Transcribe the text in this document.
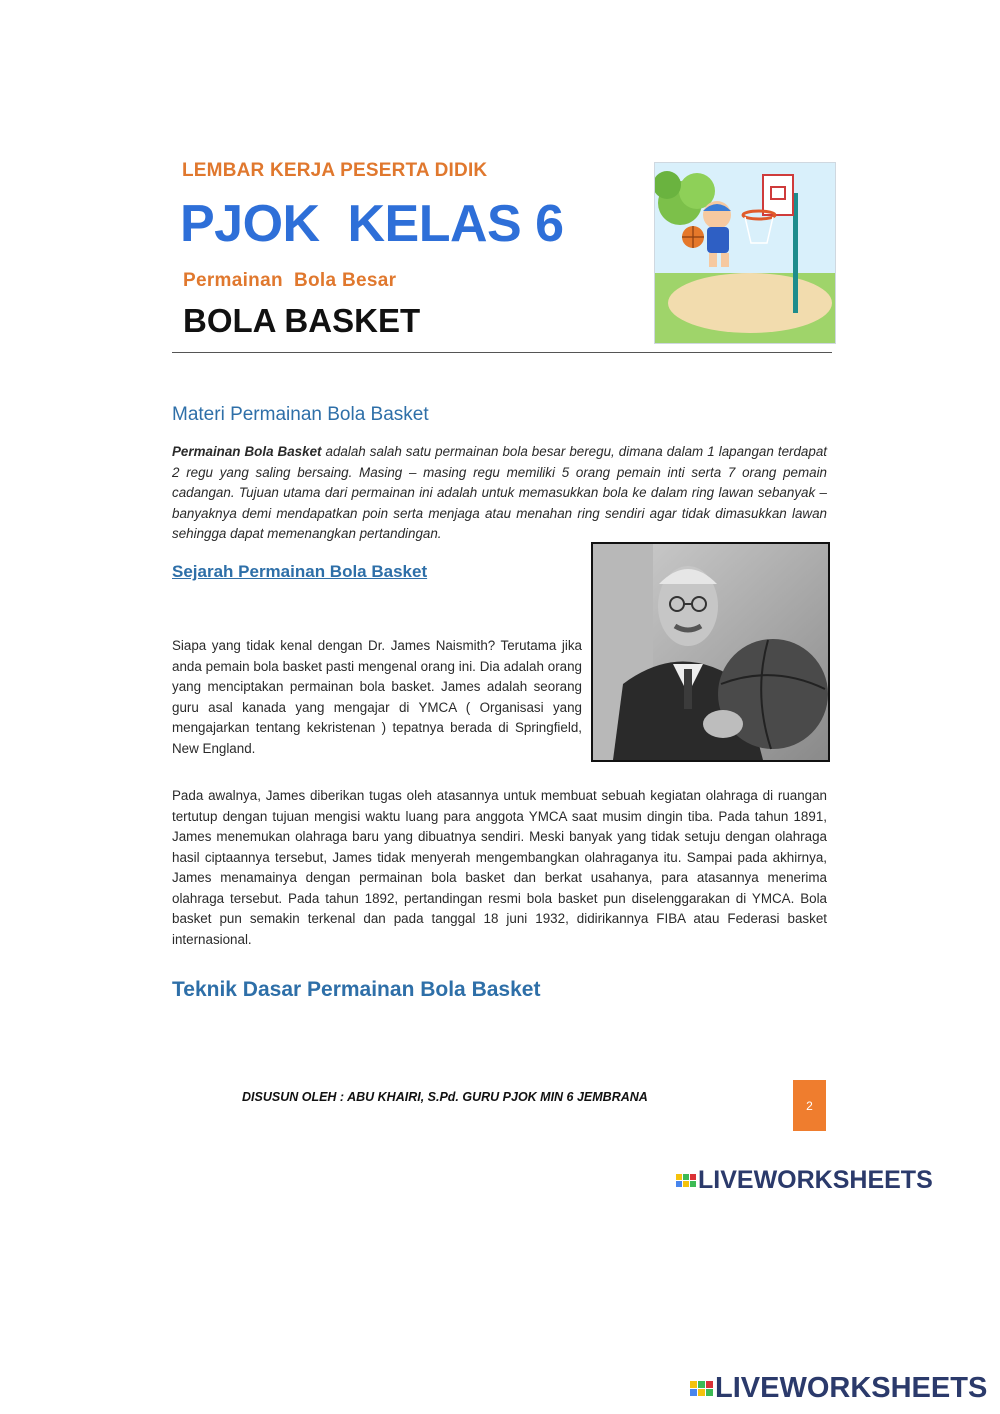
LEMBAR KERJA PESERTA DIDIK
PJOK  KELAS 6
Permainan  Bola Besar
BOLA BASKET
Materi Permainan Bola Basket
Permainan Bola Basket adalah salah satu permainan bola besar beregu, dimana dalam 1 lapangan terdapat 2 regu yang saling bersaing. Masing – masing regu memiliki 5 orang pemain inti serta 7 orang pemain cadangan. Tujuan utama dari permainan ini adalah untuk memasukkan bola ke dalam ring lawan sebanyak – banyaknya demi mendapatkan poin serta menjaga atau menahan ring sendiri agar tidak dimasukkan lawan sehingga dapat memenangkan pertandingan.
Sejarah Permainan Bola Basket
Siapa yang tidak kenal dengan Dr. James Naismith? Terutama jika anda pemain bola basket pasti mengenal orang ini. Dia adalah orang yang menciptakan permainan bola basket. James adalah seorang guru asal kanada yang mengajar di YMCA ( Organisasi yang mengajarkan tentang kekristenan ) tepatnya berada di Springfield, New England.
Pada awalnya, James diberikan tugas oleh atasannya untuk membuat sebuah kegiatan olahraga di ruangan tertutup dengan tujuan mengisi waktu luang para anggota YMCA saat musim dingin tiba. Pada tahun 1891, James menemukan olahraga baru yang dibuatnya sendiri. Meski banyak yang tidak setuju dengan olahraga hasil ciptaannya tersebut, James tidak menyerah mengembangkan olahraganya itu. Sampai pada akhirnya, James menamainya dengan permainan bola basket dan berkat usahanya, para atasannya menerima olahraga tersebut. Pada tahun 1892, pertandingan resmi bola basket pun diselenggarakan di YMCA. Bola basket pun semakin terkenal dan pada tanggal 18 juni 1932, didirikannya FIBA atau Federasi basket internasional.
Teknik Dasar Permainan Bola Basket
DISUSUN OLEH : ABU KHAIRI, S.Pd. GURU PJOK MIN 6 JEMBRANA
2
LIVEWORKSHEETS
LIVEWORKSHEETS
